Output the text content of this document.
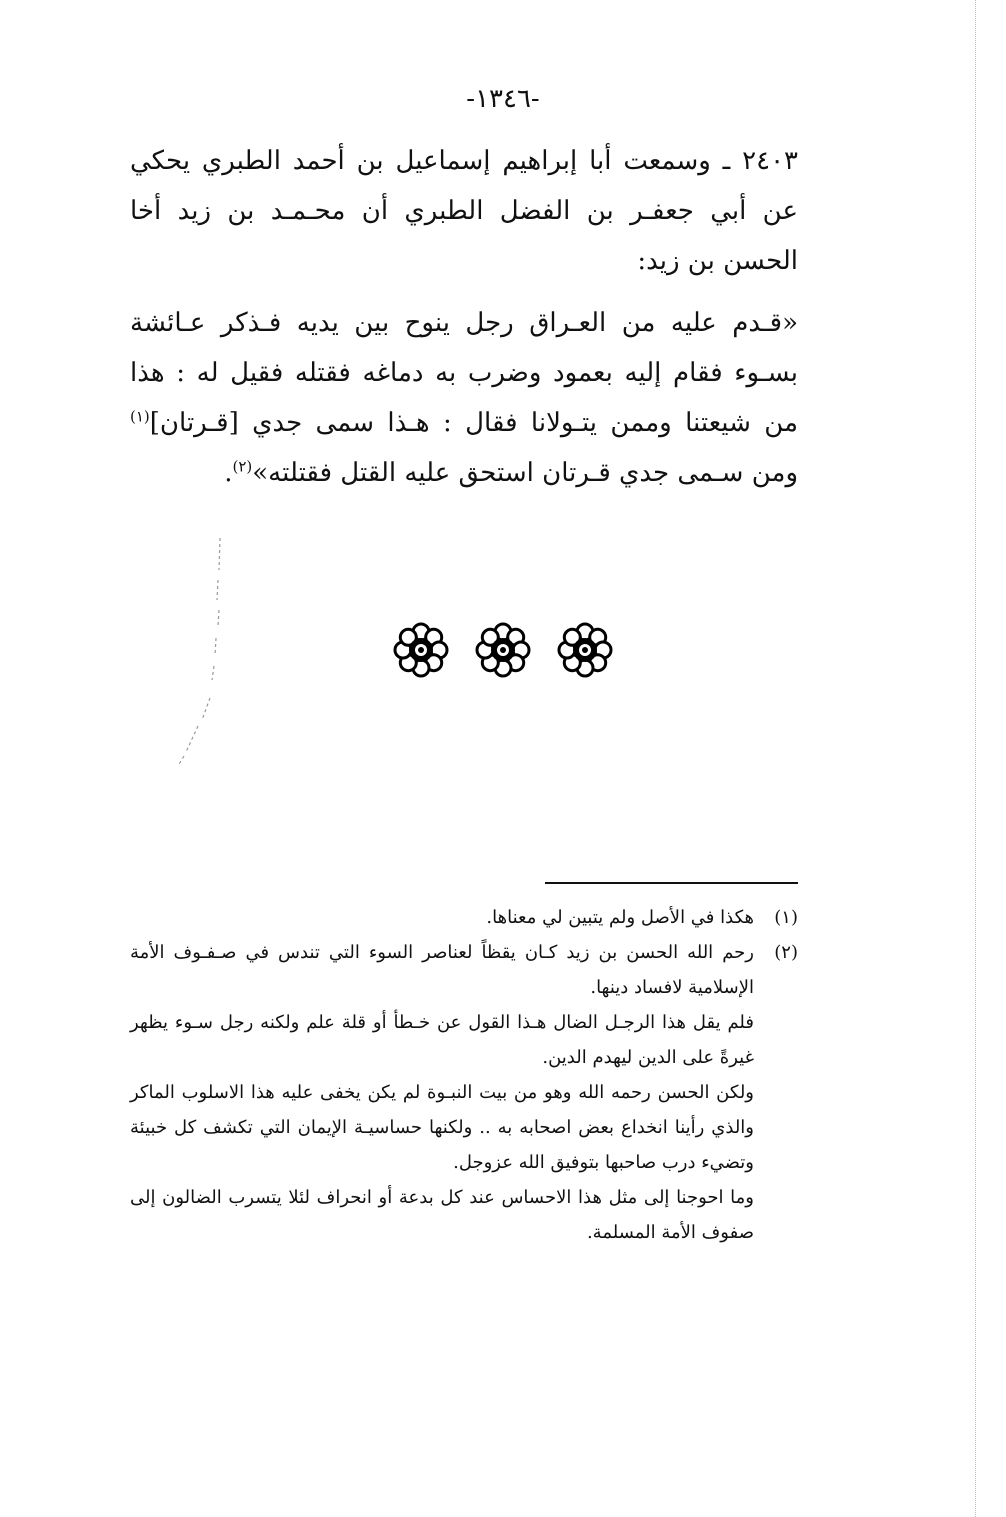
-١٣٤٦-

٢٤٠٣ ـ وسمعت أبا إبراهيم إسماعيل بن أحمد الطبري يحكي عن أبي جعفـر بن الفضل الطبري أن محـمـد بن زيد أخا الحسن بن زيد:

«قـدم عليه من العـراق رجل ينوح بين يديه فـذكر عـائشة بسـوء فقام إليه بعمود وضرب به دماغه فقتله فقيل له : هذا من شيعتنا وممن يتـولانا فقال : هـذا سمى جدي [قـرتان]$^{(١)}$ ومن سـمى جدي قـرتان استحق عليه القتل فقتلته»$^{(٢)}$.

(١)
هكذا في الأصل ولم يتبين لي معناها.
(٢)
رحم الله الحسن بن زيد كـان يقظاً لعناصر السوء التي تندس في صـفـوف الأمة الإسلامية لافساد دينها.
فلم يقل هذا الرجـل الضال هـذا القول عن خـطأ أو قلة علم ولكنه رجل سـوء يظهر غيرةً على الدين ليهدم الدين.
ولكن الحسن رحمه الله وهو من بيت النبـوة لم يكن يخفى عليه هذا الاسلوب الماكر والذي رأينا انخداع بعض اصحابه به .. ولكنها حساسيـة الإيمان التي تكشف كل خبيئة وتضيء درب صاحبها بتوفيق الله عزوجل.
وما احوجنا إلى مثل هذا الاحساس عند كل بدعة أو انحراف لئلا يتسرب الضالون إلى صفوف الأمة المسلمة.
